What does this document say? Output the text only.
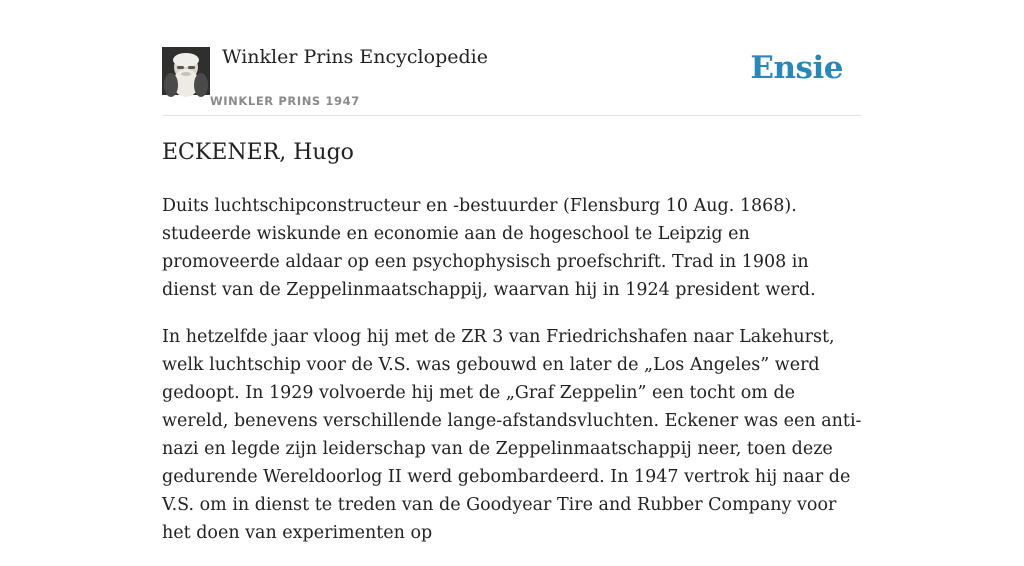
Winkler Prins Encyclopedie
WINKLER PRINS 1947
Ensie
ECKENER, Hugo

Duits luchtschipconstructeur en -bestuurder (Flensburg 10 Aug. 1868). studeerde wiskunde en economie aan de hogeschool te Leipzig en promoveerde aldaar op een psychophysisch proefschrift. Trad in 1908 in dienst van de Zeppelinmaatschappij, waarvan hij in 1924 president werd.

In hetzelfde jaar vloog hij met de ZR 3 van Friedrichshafen naar Lakehurst, welk luchtschip voor de V.S. was gebouwd en later de „Los Angeles” werd gedoopt. In 1929 volvoerde hij met de „Graf Zeppelin” een tocht om de wereld, benevens verschillende lange-afstandsvluchten. Eckener was een anti-nazi en legde zijn leiderschap van de Zeppelinmaatschappij neer, toen deze gedurende Wereldoorlog II werd gebombardeerd. In 1947 vertrok hij naar de V.S. om in dienst te treden van de Goodyear Tire and Rubber Company voor het doen van experimenten op
